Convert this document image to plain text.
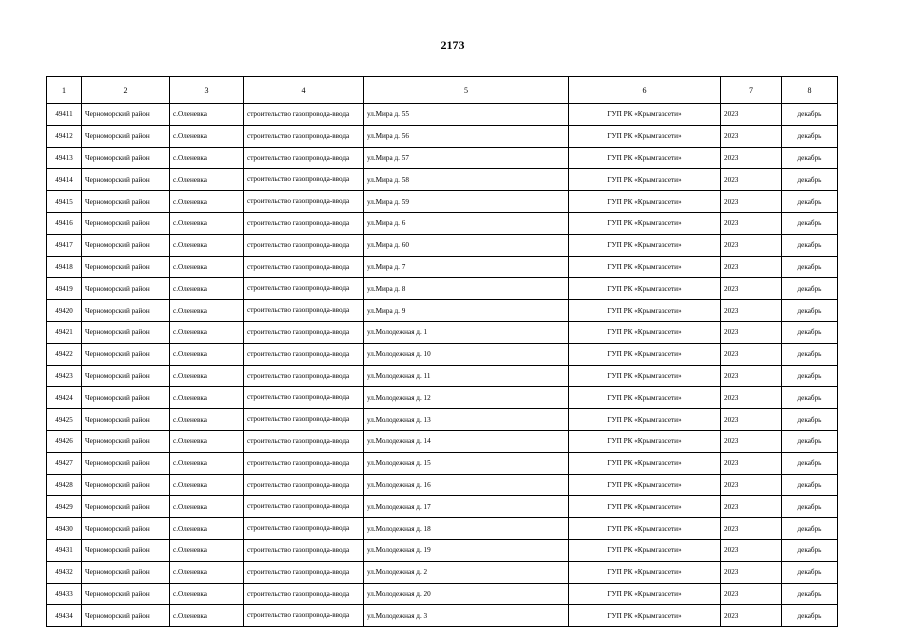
2173
1	2	3	4	5	6	7	8
49411	Черноморский район	с.Оленевка	строительство газопровода-ввода	ул.Мира д. 55	ГУП РК «Крымгазсети»	2023	декабрь
49412	Черноморский район	с.Оленевка	строительство газопровода-ввода	ул.Мира д. 56	ГУП РК «Крымгазсети»	2023	декабрь
49413	Черноморский район	с.Оленевка	строительство газопровода-ввода	ул.Мира д. 57	ГУП РК «Крымгазсети»	2023	декабрь
49414	Черноморский район	с.Оленевка	строительство газопровода-ввода	ул.Мира д. 58	ГУП РК «Крымгазсети»	2023	декабрь
49415	Черноморский район	с.Оленевка	строительство газопровода-ввода	ул.Мира д. 59	ГУП РК «Крымгазсети»	2023	декабрь
49416	Черноморский район	с.Оленевка	строительство газопровода-ввода	ул.Мира д. 6	ГУП РК «Крымгазсети»	2023	декабрь
49417	Черноморский район	с.Оленевка	строительство газопровода-ввода	ул.Мира д. 60	ГУП РК «Крымгазсети»	2023	декабрь
49418	Черноморский район	с.Оленевка	строительство газопровода-ввода	ул.Мира д. 7	ГУП РК «Крымгазсети»	2023	декабрь
49419	Черноморский район	с.Оленевка	строительство газопровода-ввода	ул.Мира д. 8	ГУП РК «Крымгазсети»	2023	декабрь
49420	Черноморский район	с.Оленевка	строительство газопровода-ввода	ул.Мира д. 9	ГУП РК «Крымгазсети»	2023	декабрь
49421	Черноморский район	с.Оленевка	строительство газопровода-ввода	ул.Молодежная д. 1	ГУП РК «Крымгазсети»	2023	декабрь
49422	Черноморский район	с.Оленевка	строительство газопровода-ввода	ул.Молодежная д. 10	ГУП РК «Крымгазсети»	2023	декабрь
49423	Черноморский район	с.Оленевка	строительство газопровода-ввода	ул.Молодежная д. 11	ГУП РК «Крымгазсети»	2023	декабрь
49424	Черноморский район	с.Оленевка	строительство газопровода-ввода	ул.Молодежная д. 12	ГУП РК «Крымгазсети»	2023	декабрь
49425	Черноморский район	с.Оленевка	строительство газопровода-ввода	ул.Молодежная д. 13	ГУП РК «Крымгазсети»	2023	декабрь
49426	Черноморский район	с.Оленевка	строительство газопровода-ввода	ул.Молодежная д. 14	ГУП РК «Крымгазсети»	2023	декабрь
49427	Черноморский район	с.Оленевка	строительство газопровода-ввода	ул.Молодежная д. 15	ГУП РК «Крымгазсети»	2023	декабрь
49428	Черноморский район	с.Оленевка	строительство газопровода-ввода	ул.Молодежная д. 16	ГУП РК «Крымгазсети»	2023	декабрь
49429	Черноморский район	с.Оленевка	строительство газопровода-ввода	ул.Молодежная д. 17	ГУП РК «Крымгазсети»	2023	декабрь
49430	Черноморский район	с.Оленевка	строительство газопровода-ввода	ул.Молодежная д. 18	ГУП РК «Крымгазсети»	2023	декабрь
49431	Черноморский район	с.Оленевка	строительство газопровода-ввода	ул.Молодежная д. 19	ГУП РК «Крымгазсети»	2023	декабрь
49432	Черноморский район	с.Оленевка	строительство газопровода-ввода	ул.Молодежная д. 2	ГУП РК «Крымгазсети»	2023	декабрь
49433	Черноморский район	с.Оленевка	строительство газопровода-ввода	ул.Молодежная д. 20	ГУП РК «Крымгазсети»	2023	декабрь
49434	Черноморский район	с.Оленевка	строительство газопровода-ввода	ул.Молодежная д. 3	ГУП РК «Крымгазсети»	2023	декабрь
